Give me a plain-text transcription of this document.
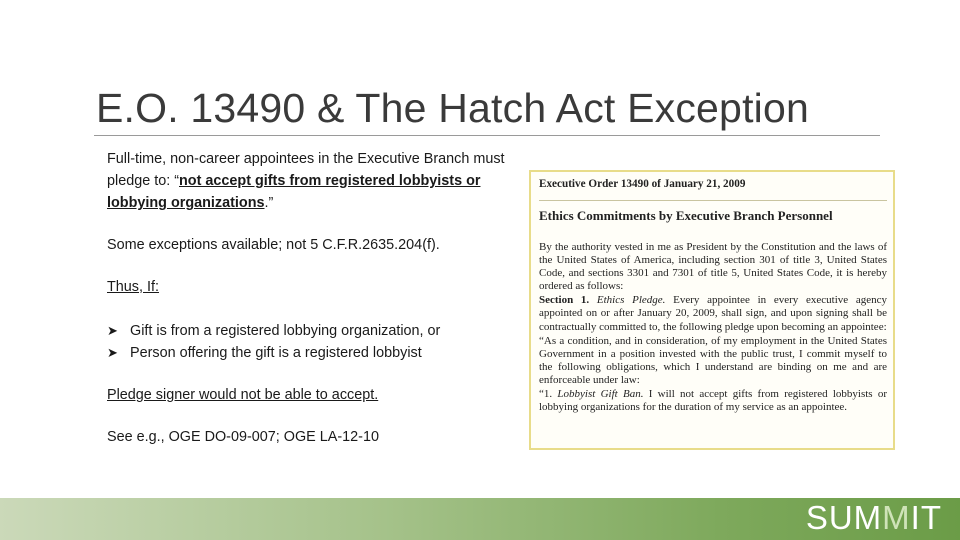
E.O. 13490 & The Hatch Act Exception

Full-time, non-career appointees in the Executive Branch must pledge to: “not accept gifts from registered lobbyists or lobbying organizations.”

Some exceptions available; not 5 C.F.R.2635.204(f).

Thus, If:

➤ Gift is from a registered lobbying organization, or
➤ Person offering the gift is a registered lobbyist

Pledge signer would not be able to accept.

See e.g., OGE DO-09-007; OGE LA-12-10

Executive Order 13490 of January 21, 2009
Ethics Commitments by Executive Branch Personnel

By the authority vested in me as President by the Constitution and the laws of the United States of America, including section 301 of title 3, United States Code, and sections 3301 and 7301 of title 5, United States Code, it is hereby ordered as follows:

Section 1. Ethics Pledge. Every appointee in every executive agency appointed on or after January 20, 2009, shall sign, and upon signing shall be contractually committed to, the following pledge upon becoming an appointee:

“As a condition, and in consideration, of my employment in the United States Government in a position invested with the public trust, I commit myself to the following obligations, which I understand are binding on me and are enforceable under law:

“1. Lobbyist Gift Ban. I will not accept gifts from registered lobbyists or lobbying organizations for the duration of my service as an appointee.

SUMMIT
